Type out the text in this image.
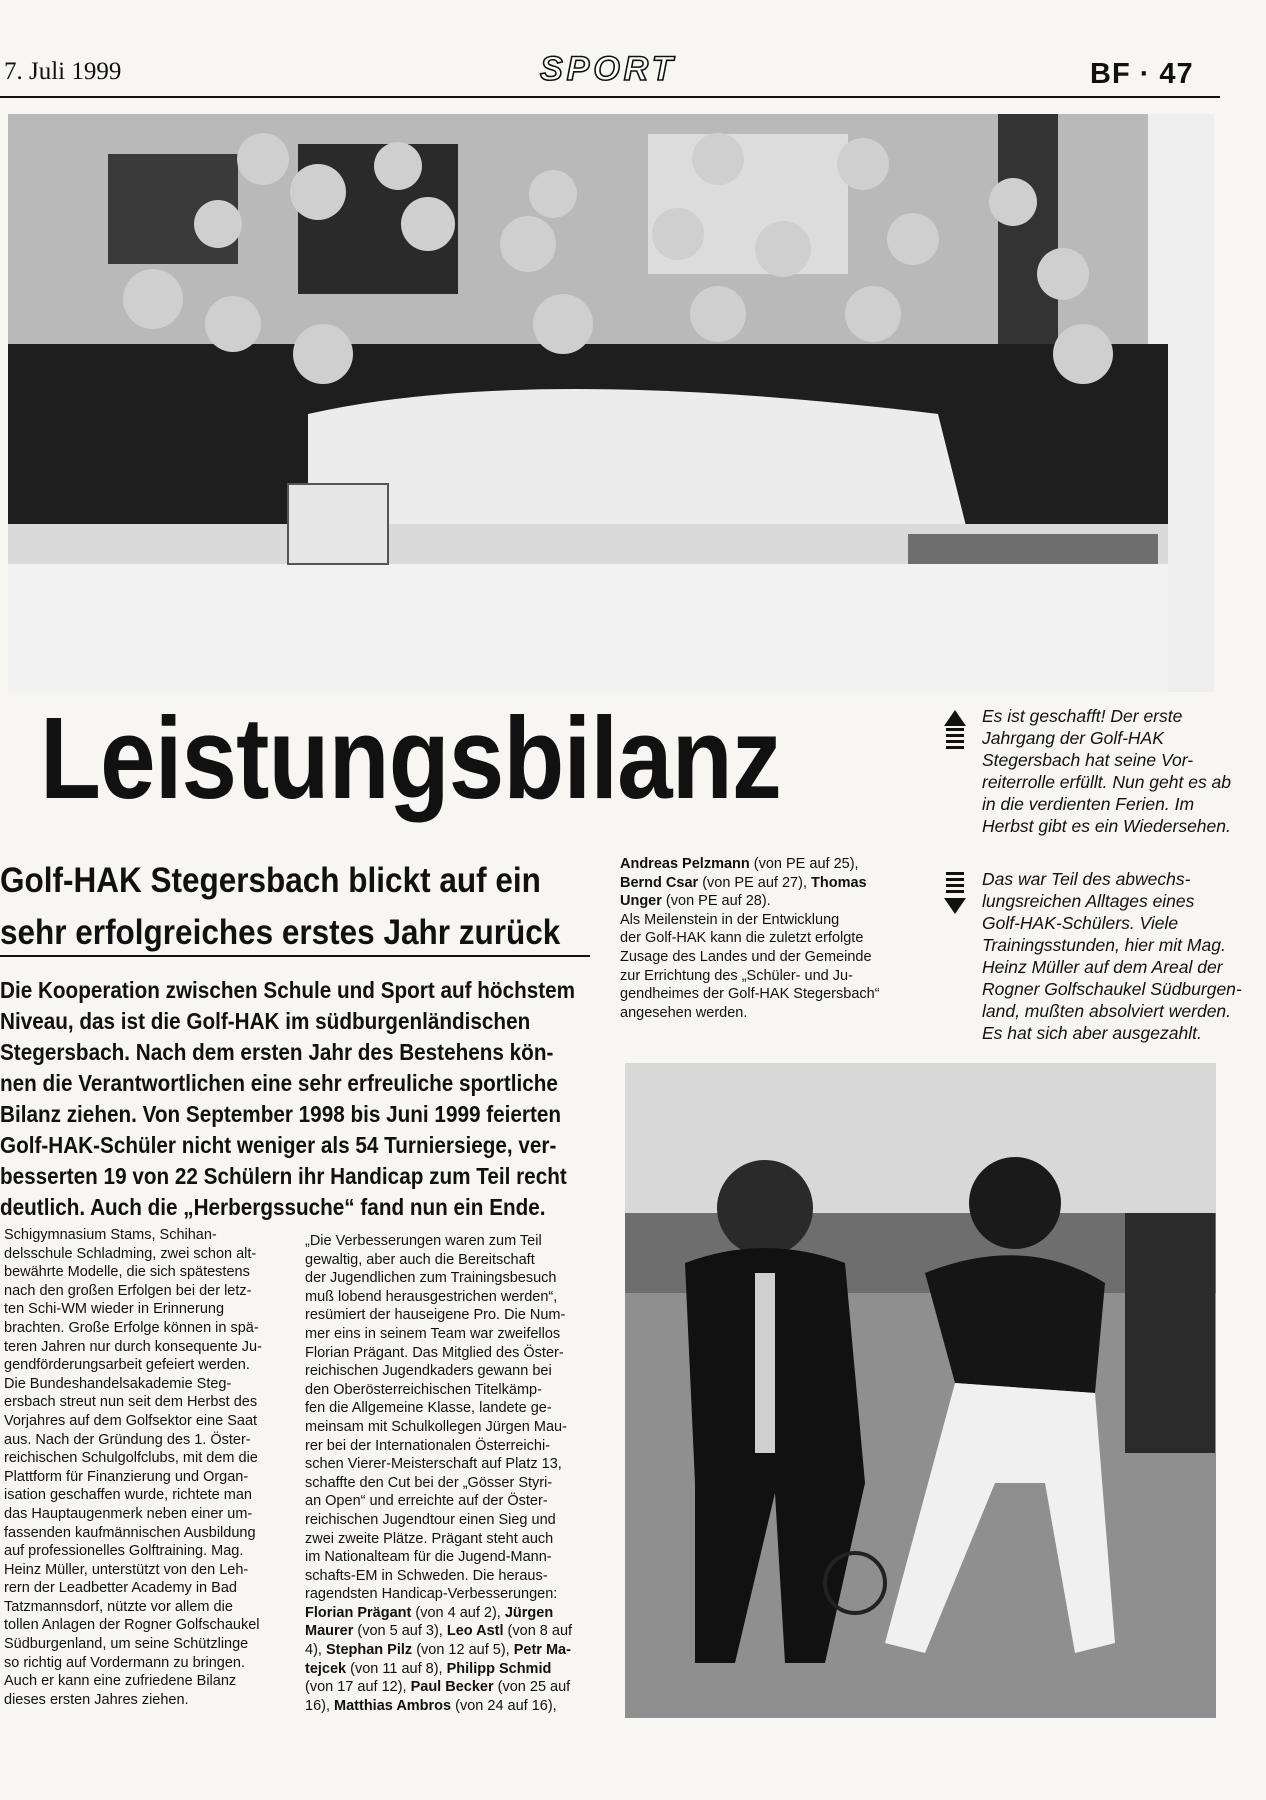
7. Juli 1999	SPORT	BF · 47
Leistungsbilanz	Es ist geschafft! Der erste
Jahrgang der Golf-HAK
Stegersbach hat seine Vor-
reiterrolle erfüllt. Nun geht es ab
in die verdienten Ferien. Im
Herbst gibt es ein Wiedersehen.
Das war Teil des abwechs-
lungsreichen Alltages eines
Golf-HAK-Schülers. Viele
Trainingsstunden, hier mit Mag.
Heinz Müller auf dem Areal der
Rogner Golfschaukel Südburgen-
land, mußten absolviert werden.
Es hat sich aber ausgezahlt.
Golf-HAK Stegersbach blickt auf ein
sehr erfolgreiches erstes Jahr zurück
Die Kooperation zwischen Schule und Sport auf höchstem
Niveau, das ist die Golf-HAK im südburgenländischen
Stegersbach. Nach dem ersten Jahr des Bestehens kön-
nen die Verantwortlichen eine sehr erfreuliche sportliche
Bilanz ziehen. Von September 1998 bis Juni 1999 feierten
Golf-HAK-Schüler nicht weniger als 54 Turniersiege, ver-
besserten 19 von 22 Schülern ihr Handicap zum Teil recht
deutlich. Auch die „Herbergssuche“ fand nun ein Ende.
Andreas Pelzmann (von PE auf 25),
Bernd Csar (von PE auf 27), Thomas
Unger (von PE auf 28).
Als Meilenstein in der Entwicklung
der Golf-HAK kann die zuletzt erfolgte
Zusage des Landes und der Gemeinde
zur Errichtung des „Schüler- und Ju-
gendheimes der Golf-HAK Stegersbach“
angesehen werden.
Schigymnasium Stams, Schihan-
delsschule Schladming, zwei schon alt-
bewährte Modelle, die sich spätestens
nach den großen Erfolgen bei der letz-
ten Schi-WM wieder in Erinnerung
brachten. Große Erfolge können in spä-
teren Jahren nur durch konsequente Ju-
gendförderungsarbeit gefeiert werden.
Die Bundeshandelsakademie Steg-
ersbach streut nun seit dem Herbst des
Vorjahres auf dem Golfsektor eine Saat
aus. Nach der Gründung des 1. Öster-
reichischen Schulgolfclubs, mit dem die
Plattform für Finanzierung und Organ-
isation geschaffen wurde, richtete man
das Hauptaugenmerk neben einer um-
fassenden kaufmännischen Ausbildung
auf professionelles Golftraining. Mag.
Heinz Müller, unterstützt von den Leh-
rern der Leadbetter Academy in Bad
Tatzmannsdorf, nützte vor allem die
tollen Anlagen der Rogner Golfschaukel
Südburgenland, um seine Schützlinge
so richtig auf Vordermann zu bringen.
Auch er kann eine zufriedene Bilanz
dieses ersten Jahres ziehen.
„Die Verbesserungen waren zum Teil
gewaltig, aber auch die Bereitschaft
der Jugendlichen zum Trainingsbesuch
muß lobend herausgestrichen werden“,
resümiert der hauseigene Pro. Die Num-
mer eins in seinem Team war zweifellos
Florian Prägant. Das Mitglied des Öster-
reichischen Jugendkaders gewann bei
den Oberösterreichischen Titelkämp-
fen die Allgemeine Klasse, landete ge-
meinsam mit Schulkollegen Jürgen Mau-
rer bei der Internationalen Österreichi-
schen Vierer-Meisterschaft auf Platz 13,
schaffte den Cut bei der „Gösser Styri-
an Open“ und erreichte auf der Öster-
reichischen Jugendtour einen Sieg und
zwei zweite Plätze. Prägant steht auch
im Nationalteam für die Jugend-Mann-
schafts-EM in Schweden. Die heraus-
ragendsten Handicap-Verbesserungen:
Florian Prägant (von 4 auf 2), Jürgen
Maurer (von 5 auf 3), Leo Astl (von 8 auf
4), Stephan Pilz (von 12 auf 5), Petr Ma-
tejcek (von 11 auf 8), Philipp Schmid
(von 17 auf 12), Paul Becker (von 25 auf
16), Matthias Ambros (von 24 auf 16),
